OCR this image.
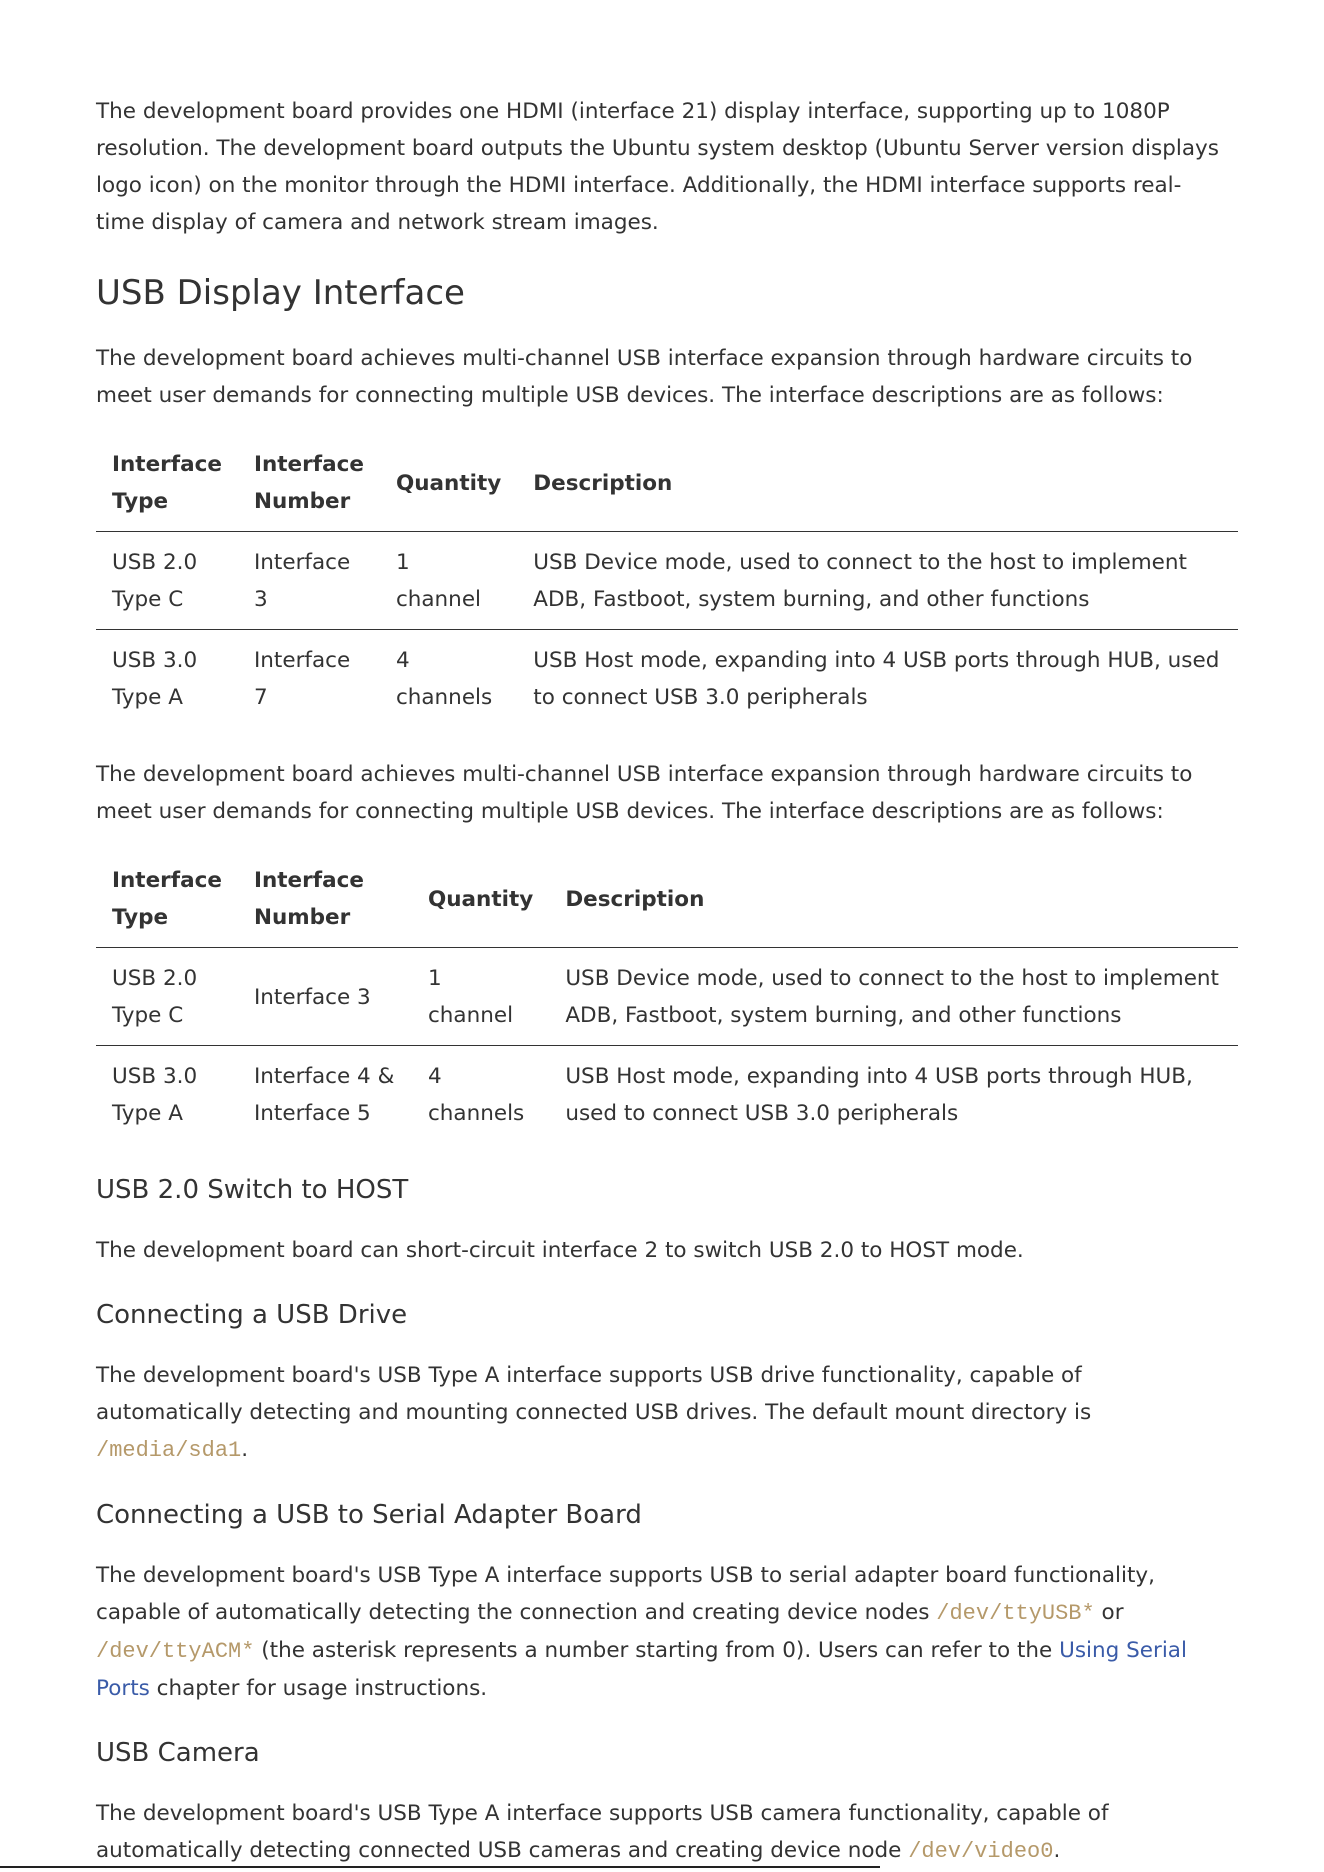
The development board provides one HDMI (interface 21) display interface, supporting up to 1080P resolution. The development board outputs the Ubuntu system desktop (Ubuntu Server version displays logo icon) on the monitor through the HDMI interface. Additionally, the HDMI interface supports real-time display of camera and network stream images.

USB Display Interface

The development board achieves multi-channel USB interface expansion through hardware circuits to meet user demands for connecting multiple USB devices. The interface descriptions are as follows:

Interface Type	Interface Number	Quantity	Description
USB 2.0 Type C	Interface 3	1 channel	USB Device mode, used to connect to the host to implement ADB, Fastboot, system burning, and other functions
USB 3.0 Type A	Interface 7	4 channels	USB Host mode, expanding into 4 USB ports through HUB, used to connect USB 3.0 peripherals

The development board achieves multi-channel USB interface expansion through hardware circuits to meet user demands for connecting multiple USB devices. The interface descriptions are as follows:

Interface Type	Interface Number	Quantity	Description
USB 2.0 Type C	Interface 3	1 channel	USB Device mode, used to connect to the host to implement ADB, Fastboot, system burning, and other functions
USB 3.0 Type A	Interface 4 & Interface 5	4 channels	USB Host mode, expanding into 4 USB ports through HUB, used to connect USB 3.0 peripherals
USB 2.0 Switch to HOST

The development board can short-circuit interface 2 to switch USB 2.0 to HOST mode.

Connecting a USB Drive

The development board's USB Type A interface supports USB drive functionality, capable of automatically detecting and mounting connected USB drives. The default mount directory is /media/sda1.

Connecting a USB to Serial Adapter Board

The development board's USB Type A interface supports USB to serial adapter board functionality, capable of automatically detecting the connection and creating device nodes /dev/ttyUSB* or /dev/ttyACM* (the asterisk represents a number starting from 0). Users can refer to the Using Serial Ports chapter for usage instructions.

USB Camera

The development board's USB Type A interface supports USB camera functionality, capable of automatically detecting connected USB cameras and creating device node /dev/video0.
